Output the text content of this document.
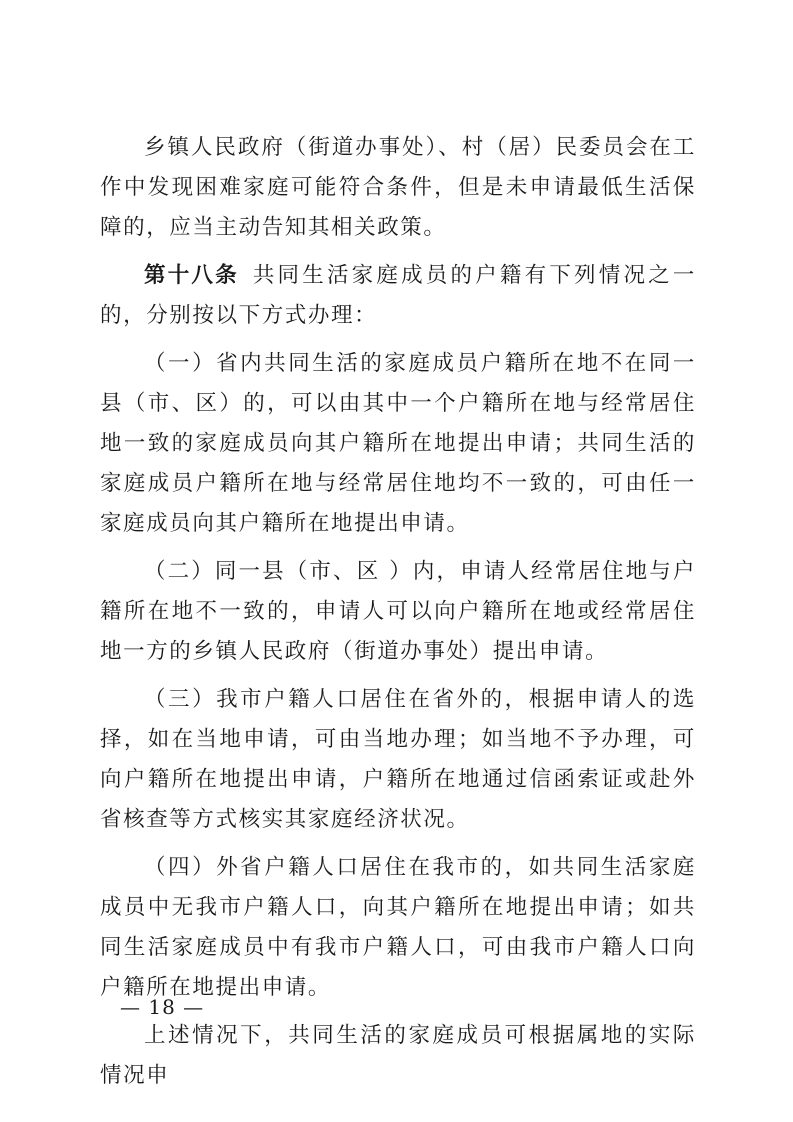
乡镇人民政府（街道办事处）、村（居）民委员会在工作中发现困难家庭可能符合条件，但是未申请最低生活保障的，应当主动告知其相关政策。

第十八条 共同生活家庭成员的户籍有下列情况之一的，分别按以下方式办理：

（一）省内共同生活的家庭成员户籍所在地不在同一县（市、区）的，可以由其中一个户籍所在地与经常居住地一致的家庭成员向其户籍所在地提出申请；共同生活的家庭成员户籍所在地与经常居住地均不一致的，可由任一家庭成员向其户籍所在地提出申请。

（二）同一县（市、区 ）内，申请人经常居住地与户籍所在地不一致的，申请人可以向户籍所在地或经常居住地一方的乡镇人民政府（街道办事处）提出申请。

（三）我市户籍人口居住在省外的，根据申请人的选择，如在当地申请，可由当地办理；如当地不予办理，可向户籍所在地提出申请，户籍所在地通过信函索证或赴外省核查等方式核实其家庭经济状况。

（四）外省户籍人口居住在我市的，如共同生活家庭成员中无我市户籍人口，向其户籍所在地提出申请；如共同生活家庭成员中有我市户籍人口，可由我市户籍人口向户籍所在地提出申请。

上述情况下，共同生活的家庭成员可根据属地的实际情况申

— 18 —
